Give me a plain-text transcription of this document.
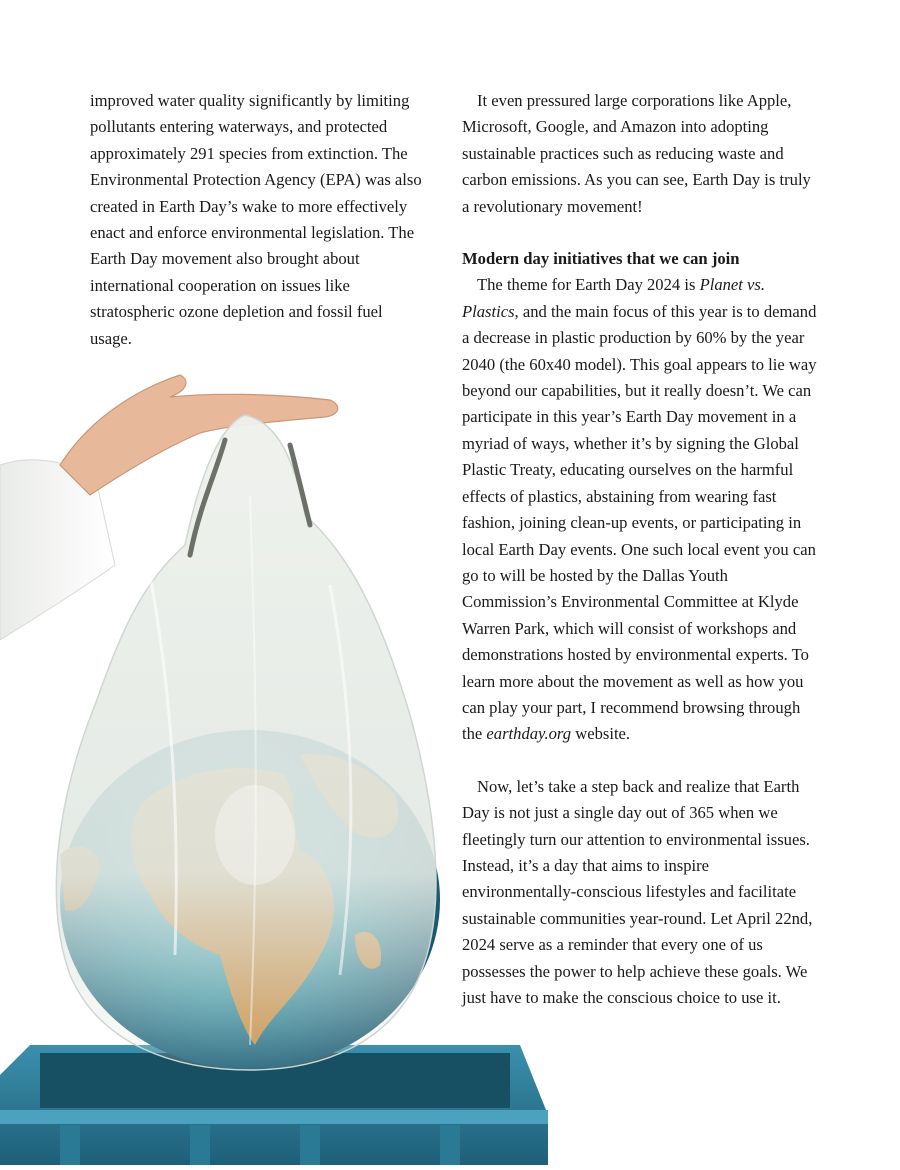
improved water quality significantly by limiting pollutants entering waterways, and protected approximately 291 species from extinction. The Environmental Protection Agency (EPA) was also created in Earth Day’s wake to more effectively enact and enforce environmental legislation. The Earth Day movement also brought about international cooperation on issues like stratospheric ozone depletion and fossil fuel usage.

It even pressured large corporations like Apple, Microsoft, Google, and Amazon into adopting sustainable practices such as reducing waste and carbon emissions. As you can see, Earth Day is truly a revolutionary movement!

Modern day initiatives that we can join

The theme for Earth Day 2024 is Planet vs. Plastics, and the main focus of this year is to demand a decrease in plastic production by 60% by the year 2040 (the 60x40 model). This goal appears to lie way beyond our capabilities, but it really doesn’t. We can participate in this year’s Earth Day movement in a myriad of ways, whether it’s by signing the Global Plastic Treaty, educating ourselves on the harmful effects of plastics, abstaining from wearing fast fashion, joining clean-up events, or participating in local Earth Day events. One such local event you can go to will be hosted by the Dallas Youth Commission’s Environmental Committee at Klyde Warren Park, which will consist of workshops and demonstrations hosted by environmental experts. To learn more about the movement as well as how you can play your part, I recommend browsing through the earthday.org website.

Now, let’s take a step back and realize that Earth Day is not just a single day out of 365 when we fleetingly turn our attention to environmental issues. Instead, it’s a day that aims to inspire environmentally-conscious lifestyles and facilitate sustainable communities year-round. Let April 22nd, 2024 serve as a reminder that every one of us possesses the power to help achieve these goals. We just have to make the conscious choice to use it.
